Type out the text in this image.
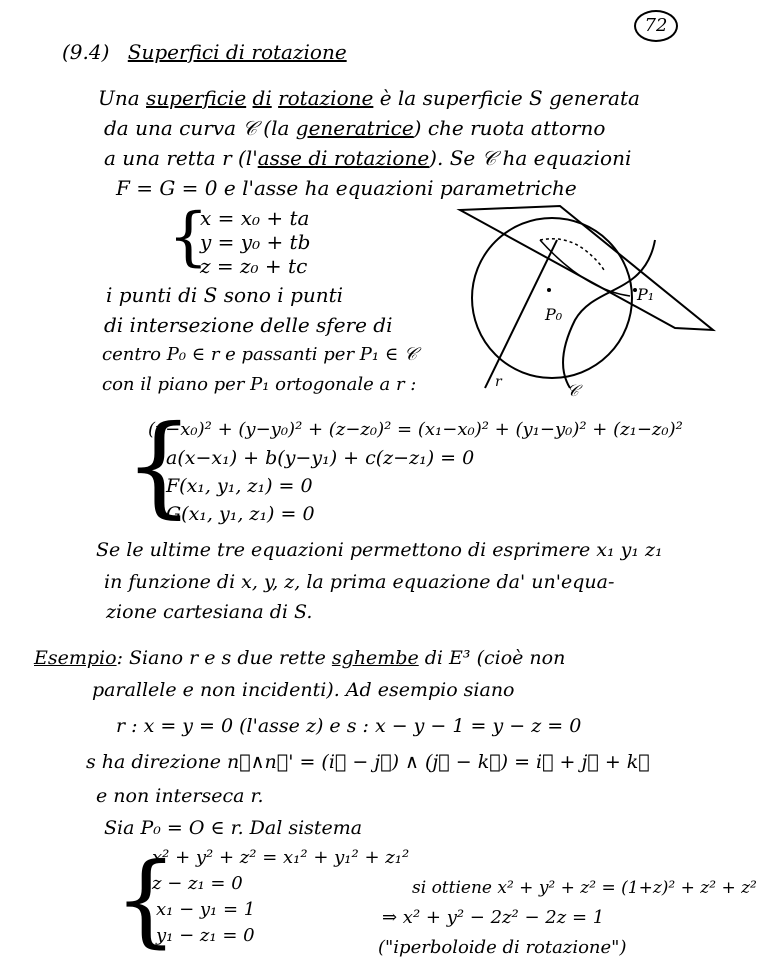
72
(9.4) Superfici di rotazione
Una superficie di rotazione è la superficie S generata
da una curva 𝒞 (la generatrice) che ruota attorno
a una retta r (l'asse di rotazione). Se 𝒞 ha equazioni
F = G = 0 e l'asse ha equazioni parametriche
{
x = x₀ + ta
y = y₀ + tb
z = z₀ + tc
i punti di S sono i punti
di intersezione delle sfere di
centro P₀ ∈ r e passanti per P₁ ∈ 𝒞
con il piano per P₁ ortogonale a r :
P₀
P₁
r	𝒞
{
(x−x₀)² + (y−y₀)² + (z−z₀)² = (x₁−x₀)² + (y₁−y₀)² + (z₁−z₀)²
a(x−x₁) + b(y−y₁) + c(z−z₁) = 0
F(x₁, y₁, z₁) = 0
G(x₁, y₁, z₁) = 0
Se le ultime tre equazioni permettono di esprimere x₁ y₁ z₁
in funzione di x, y, z, la prima equazione da' un'equa-
zione cartesiana di S.
Esempio: Siano r e s due rette sghembe di E³ (cioè non
parallele e non incidenti). Ad esempio siano
r : x = y = 0 (l'asse z) e s : x − y − 1 = y − z = 0
s ha direzione n⃗∧n⃗' = (i⃗ − j⃗) ∧ (j⃗ − k⃗) = i⃗ + j⃗ + k⃗
e non interseca r.
Sia P₀ = O ∈ r. Dal sistema
{
x² + y² + z² = x₁² + y₁² + z₁²
z − z₁ = 0
x₁ − y₁ = 1
y₁ − z₁ = 0
si ottiene x² + y² + z² = (1+z)² + z² + z²
⇒ x² + y² − 2z² − 2z = 1
("iperboloide di rotazione")
